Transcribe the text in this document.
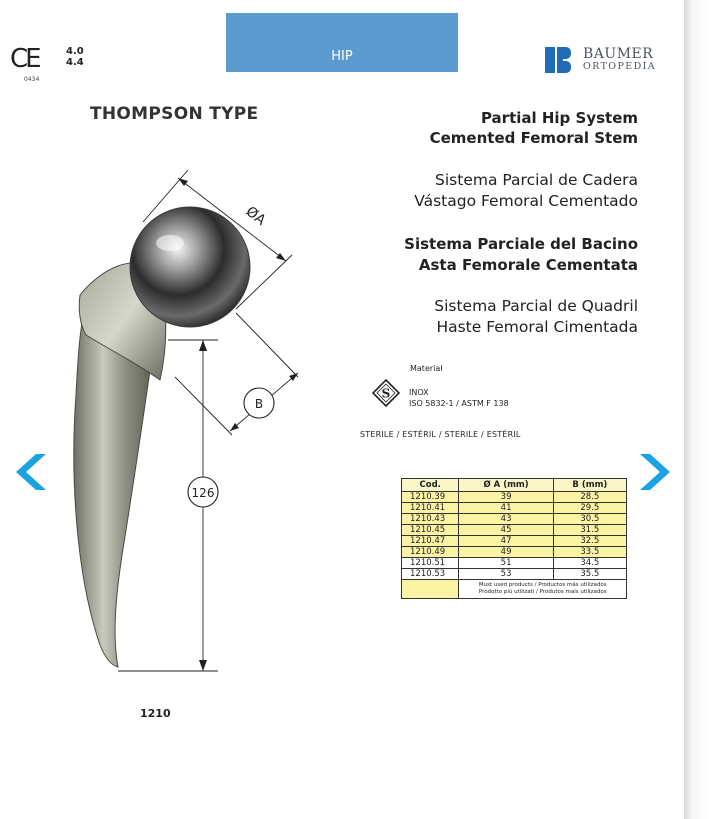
HIP
CE	4.0
4.4
0434
BAUMER
ORTOPEDIA
THOMPSON TYPE	Partial Hip System
Cemented Femoral Stem
Sistema Parcial de Cadera
Vástago Femoral Cementado
Sistema Parciale del Bacino
Asta Femorale Cementata
Sistema Parcial de Quadril
Haste Femoral Cimentada
Material
S INOX
ISO 5832-1 / ASTM F 138
STERILE / ESTÉRIL / STERILE / ESTÉRIL
ØA
B
126
1210
Cod.	Ø A (mm)	B (mm)
1210.39	39	28.5
1210.41	41	29.5
1210.43	43	30.5
1210.45	45	31.5
1210.47	47	32.5
1210.49	49	33.5
1210.51	51	34.5
1210.53	53	35.5

	Must used products / Productos más utilizados
Prodotto più utilizati / Produtos mais utilizados	
